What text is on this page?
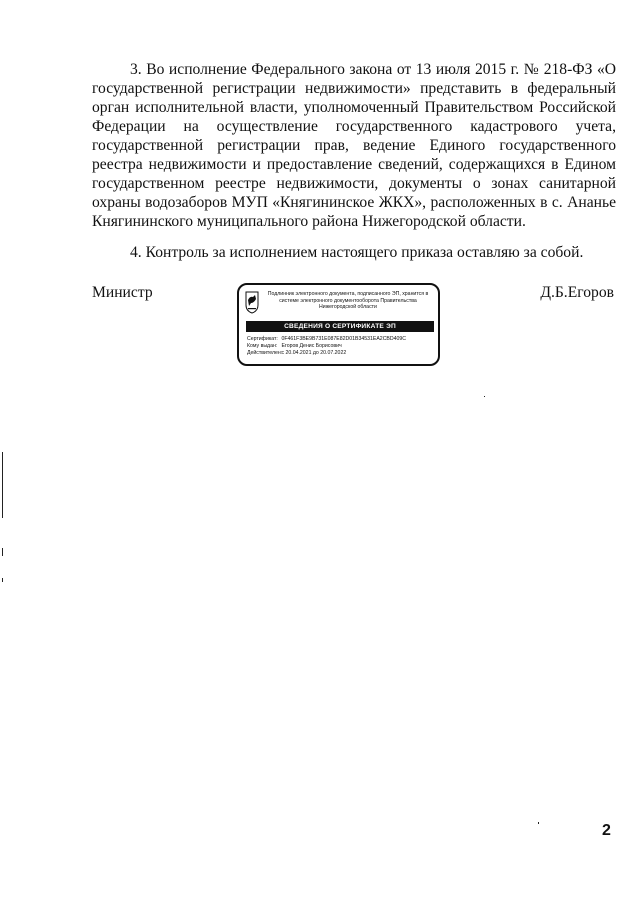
3. Во исполнение Федерального закона от 13 июля 2015 г. № 218-ФЗ «О государственной регистрации недвижимости» представить в федеральный орган исполнительной власти, уполномоченный Правительством Российской Федерации на осуществление государственного кадастрового учета, государственной регистрации прав, ведение Единого государственного реестра недвижимости и предоставление сведений, содержащихся в Едином государственном реестре недвижимости, документы о зонах санитарной охраны водозаборов МУП «Княгининское ЖКХ», расположенных в с. Ананье Княгининского муниципального района Нижегородской области.

4. Контроль за исполнением настоящего приказа оставляю за собой.

Министр	Д.Б.Егоров
Подлинник электронного документа, подписанного ЭП, хранится в системе электронного документооборота Правительства Нижегородской области
СВЕДЕНИЯ О СЕРТИФИКАТЕ ЭП
Сертификат: 0F461F3BE9B731E087E82D01B34531EA2CBD409C
Кому выдан: Егоров Денис Борисович
Действителен: с 20.04.2021 до 20.07.2022
2
